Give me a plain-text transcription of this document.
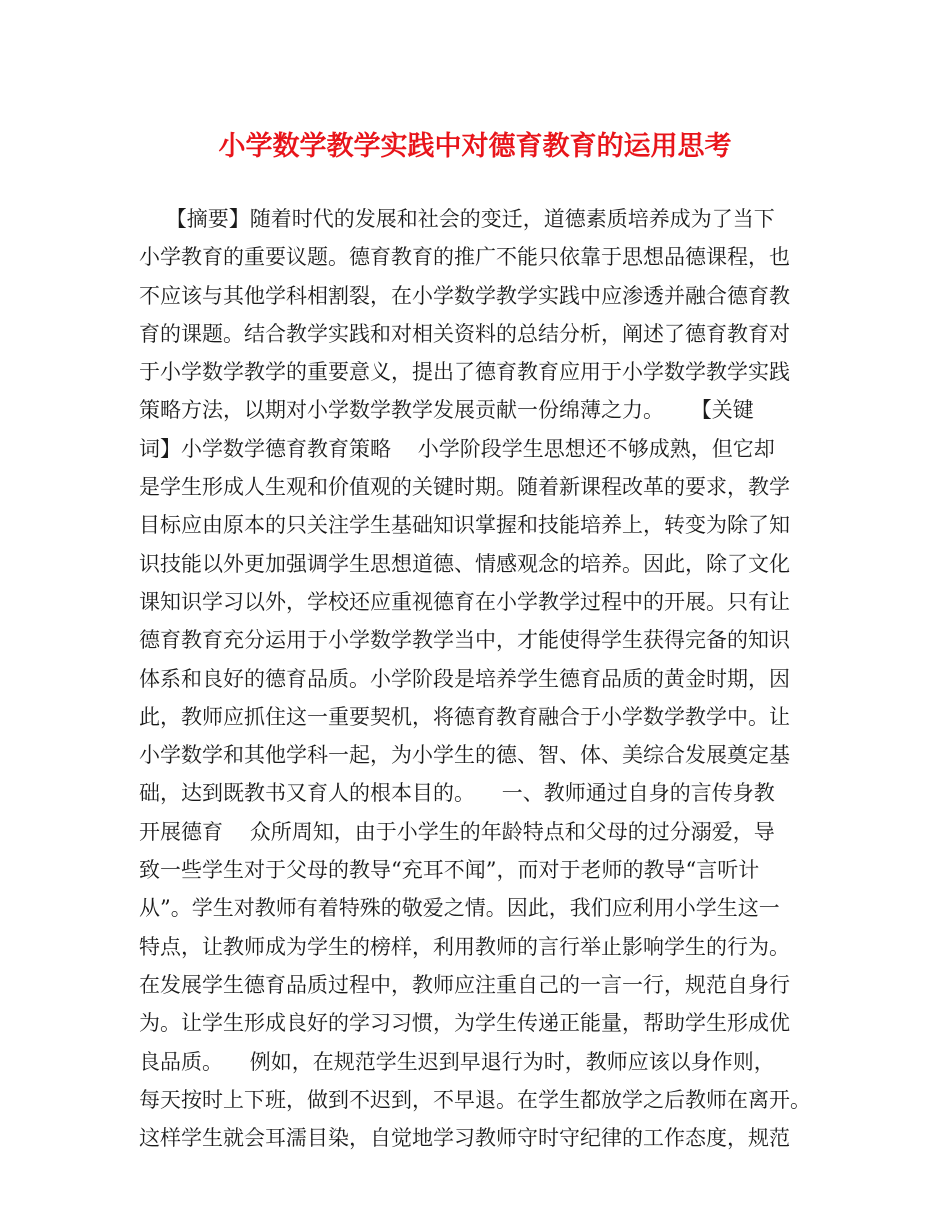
小学数学教学实践中对德育教育的运用思考
【摘要】随着时代的发展和社会的变迁，道德素质培养成为了当下
小学教育的重要议题。德育教育的推广不能只依靠于思想品德课程，也
不应该与其他学科相割裂，在小学数学教学实践中应渗透并融合德育教
育的课题。结合教学实践和对相关资料的总结分析，阐述了德育教育对
于小学数学教学的重要意义，提出了德育教育应用于小学数学教学实践
策略方法，以期对小学数学教学发展贡献一份绵薄之力。    【关键
词】小学数学德育教育策略    小学阶段学生思想还不够成熟，但它却
是学生形成人生观和价值观的关键时期。随着新课程改革的要求，教学
目标应由原本的只关注学生基础知识掌握和技能培养上，转变为除了知
识技能以外更加强调学生思想道德、情感观念的培养。因此，除了文化
课知识学习以外，学校还应重视德育在小学教学过程中的开展。只有让
德育教育充分运用于小学数学教学当中，才能使得学生获得完备的知识
体系和良好的德育品质。小学阶段是培养学生德育品质的黄金时期，因
此，教师应抓住这一重要契机，将德育教育融合于小学数学教学中。让
小学数学和其他学科一起，为小学生的德、智、体、美综合发展奠定基
础，达到既教书又育人的根本目的。    一、教师通过自身的言传身教
开展德育    众所周知，由于小学生的年龄特点和父母的过分溺爱，导
致一些学生对于父母的教导“充耳不闻”，而对于老师的教导“言听计
从”。学生对教师有着特殊的敬爱之情。因此，我们应利用小学生这一
特点，让教师成为学生的榜样，利用教师的言行举止影响学生的行为。
在发展学生德育品质过程中，教师应注重自己的一言一行，规范自身行
为。让学生形成良好的学习习惯，为学生传递正能量，帮助学生形成优
良品质。    例如，在规范学生迟到早退行为时，教师应该以身作则，
每天按时上下班，做到不迟到，不早退。在学生都放学之后教师在离开。
这样学生就会耳濡目染，自觉地学习教师守时守纪律的工作态度，规范
